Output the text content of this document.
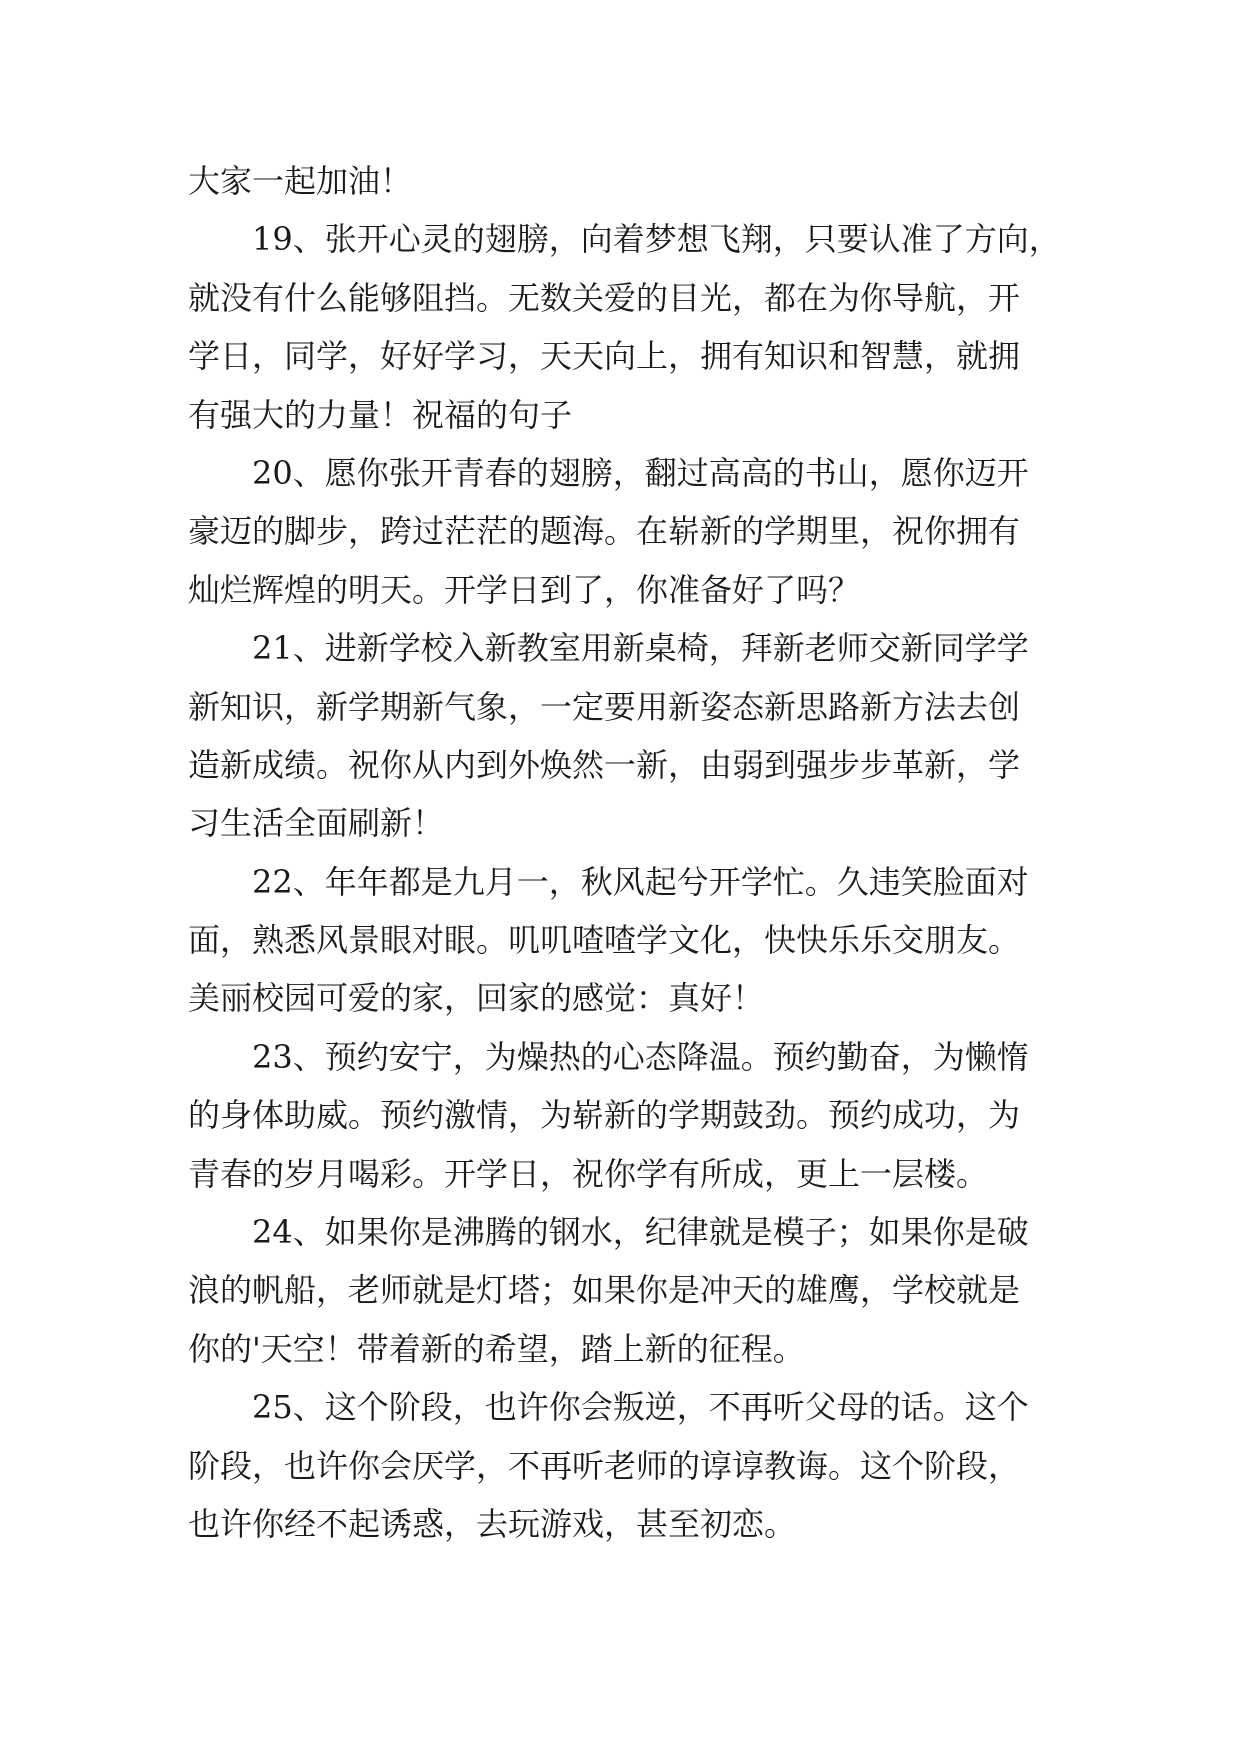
大家一起加油！
19、张开心灵的翅膀，向着梦想飞翔，只要认准了方向，
就没有什么能够阻挡。无数关爱的目光，都在为你导航，开
学日，同学，好好学习，天天向上，拥有知识和智慧，就拥
有强大的力量！祝福的句子
20、愿你张开青春的翅膀，翻过高高的书山，愿你迈开
豪迈的脚步，跨过茫茫的题海。在崭新的学期里，祝你拥有
灿烂辉煌的明天。开学日到了，你准备好了吗？
21、进新学校入新教室用新桌椅，拜新老师交新同学学
新知识，新学期新气象，一定要用新姿态新思路新方法去创
造新成绩。祝你从内到外焕然一新，由弱到强步步革新，学
习生活全面刷新！
22、年年都是九月一，秋风起兮开学忙。久违笑脸面对
面，熟悉风景眼对眼。叽叽喳喳学文化，快快乐乐交朋友。
美丽校园可爱的家，回家的感觉：真好！
23、预约安宁，为燥热的心态降温。预约勤奋，为懒惰
的身体助威。预约激情，为崭新的学期鼓劲。预约成功，为
青春的岁月喝彩。开学日，祝你学有所成，更上一层楼。
24、如果你是沸腾的钢水，纪律就是模子；如果你是破
浪的帆船，老师就是灯塔；如果你是冲天的雄鹰，学校就是
你的'天空！带着新的希望，踏上新的征程。
25、这个阶段，也许你会叛逆，不再听父母的话。这个
阶段，也许你会厌学，不再听老师的谆谆教诲。这个阶段，
也许你经不起诱惑，去玩游戏，甚至初恋。
